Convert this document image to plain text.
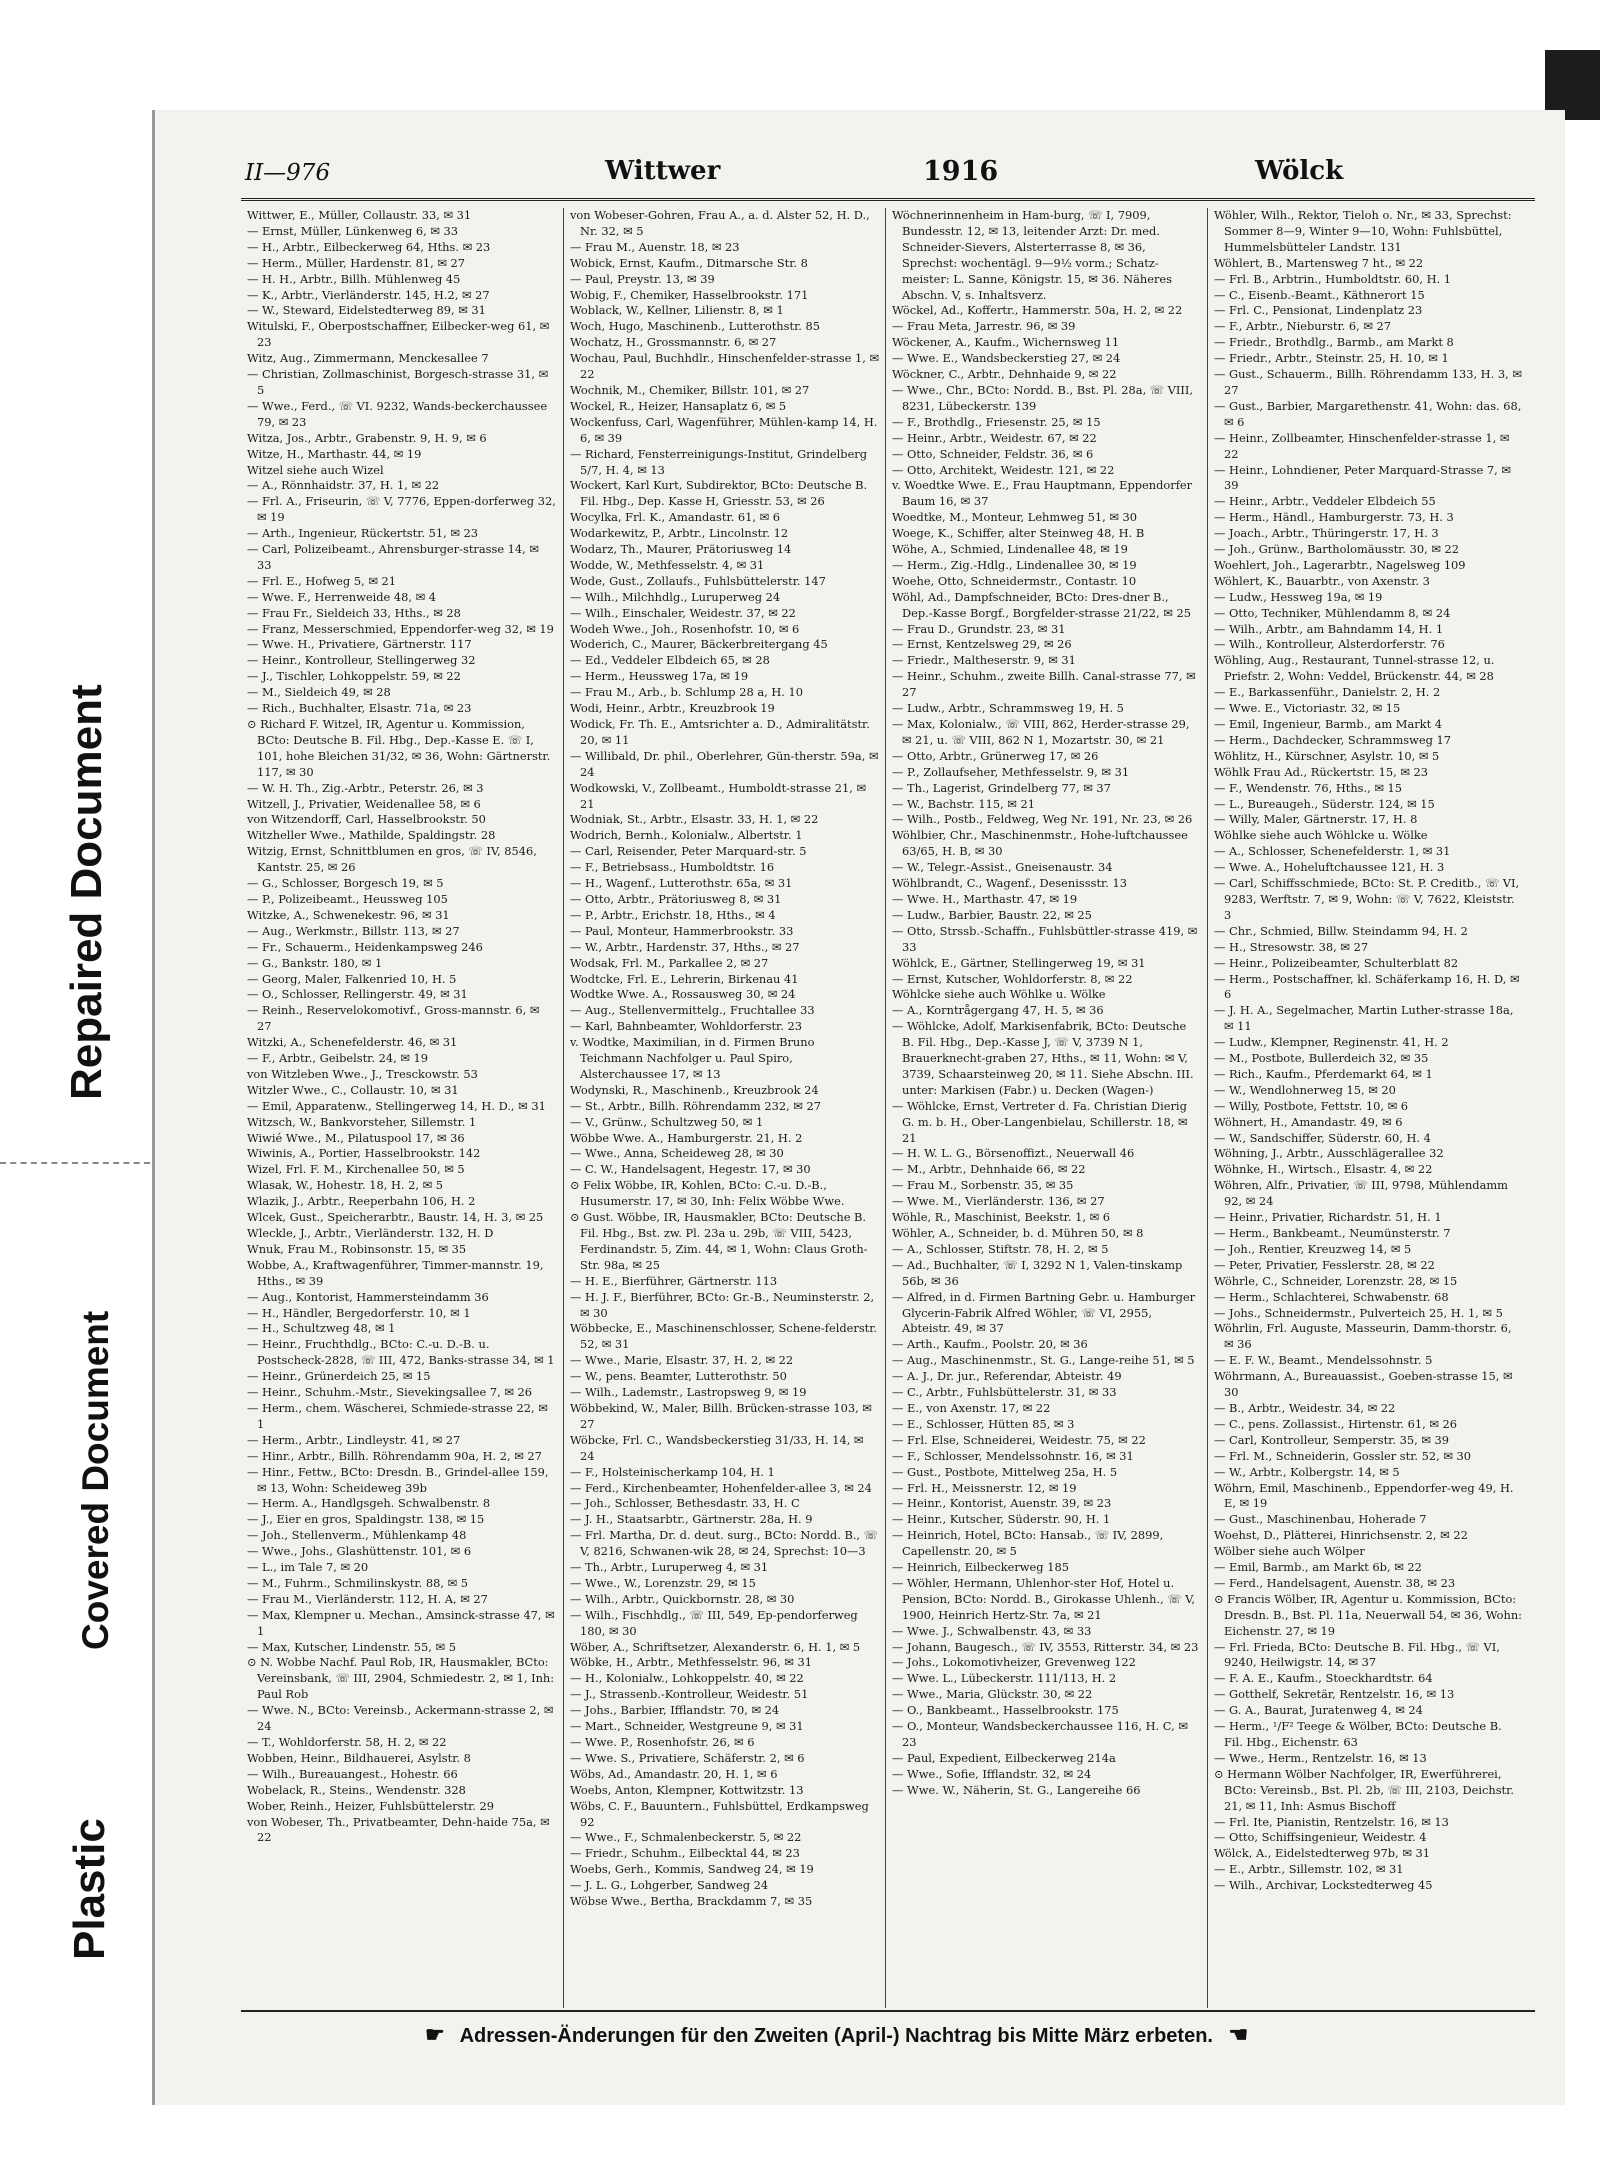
Repaired Document
Covered Document
Plastic
II—976	Wittwer	1916	Wölck

Wittwer, E., Müller, Collaustr. 33, ✉ 31

— Ernst, Müller, Lünkenweg 6, ✉ 33

— H., Arbtr., Eilbeckerweg 64, Hths. ✉ 23

— Herm., Müller, Hardenstr. 81, ✉ 27

— H. H., Arbtr., Billh. Mühlenweg 45

— K., Arbtr., Vierländerstr. 145, H.2, ✉ 27

— W., Steward, Eidelstedterweg 89, ✉ 31

Witulski, F., Oberpostschaffner, Eilbecker-weg 61, ✉ 23

Witz, Aug., Zimmermann, Menckesallee 7

— Christian, Zollmaschinist, Borgesch-strasse 31, ✉ 5

— Wwe., Ferd., ☏ VI. 9232, Wands-beckerchaussee 79, ✉ 23

Witza, Jos., Arbtr., Grabenstr. 9, H. 9, ✉ 6

Witze, H., Marthastr. 44, ✉ 19

Witzel siehe auch Wizel

— A., Rönnhaidstr. 37, H. 1, ✉ 22

— Frl. A., Friseurin, ☏ V, 7776, Eppen-dorferweg 32, ✉ 19

— Arth., Ingenieur, Rückertstr. 51, ✉ 23

— Carl, Polizeibeamt., Ahrensburger-strasse 14, ✉ 33

— Frl. E., Hofweg 5, ✉ 21

— Wwe. F., Herrenweide 48, ✉ 4

— Frau Fr., Sieldeich 33, Hths., ✉ 28

— Franz, Messerschmied, Eppendorfer-weg 32, ✉ 19

— Wwe. H., Privatiere, Gärtnerstr. 117

— Heinr., Kontrolleur, Stellingerweg 32

— J., Tischler, Lohkoppelstr. 59, ✉ 22

— M., Sieldeich 49, ✉ 28

— Rich., Buchhalter, Elsastr. 71a, ✉ 23

⊙ Richard F. Witzel, IR, Agentur u. Kommission, BCto: Deutsche B. Fil. Hbg., Dep.-Kasse E. ☏ I, 101, hohe Bleichen 31/32, ✉ 36, Wohn: Gärtnerstr. 117, ✉ 30

— W. H. Th., Zig.-Arbtr., Peterstr. 26, ✉ 3

Witzell, J., Privatier, Weidenallee 58, ✉ 6

von Witzendorff, Carl, Hasselbrookstr. 50

Witzheller Wwe., Mathilde, Spaldingstr. 28

Witzig, Ernst, Schnittblumen en gros, ☏ IV, 8546, Kantstr. 25, ✉ 26

— G., Schlosser, Borgesch 19, ✉ 5

— P., Polizeibeamt., Heussweg 105

Witzke, A., Schwenekestr. 96, ✉ 31

— Aug., Werkmstr., Billstr. 113, ✉ 27

— Fr., Schauerm., Heidenkampsweg 246

— G., Bankstr. 180, ✉ 1

— Georg, Maler, Falkenried 10, H. 5

— O., Schlosser, Rellingerstr. 49, ✉ 31

— Reinh., Reservelokomotivf., Gross-mannstr. 6, ✉ 27

Witzki, A., Schenefelderstr. 46, ✉ 31

— F., Arbtr., Geibelstr. 24, ✉ 19

von Witzleben Wwe., J., Tresckowstr. 53

Witzler Wwe., C., Collaustr. 10, ✉ 31

— Emil, Apparatenw., Stellingerweg 14, H. D., ✉ 31

Witzsch, W., Bankvorsteher, Sillemstr. 1

Wiwié Wwe., M., Pilatuspool 17, ✉ 36

Wiwinis, A., Portier, Hasselbrookstr. 142

Wizel, Frl. F. M., Kirchenallee 50, ✉ 5

Wlasak, W., Hohestr. 18, H. 2, ✉ 5

Wlazik, J., Arbtr., Reeperbahn 106, H. 2

Wlcek, Gust., Speicherarbtr., Baustr. 14, H. 3, ✉ 25

Wleckle, J., Arbtr., Vierländerstr. 132, H. D

Wnuk, Frau M., Robinsonstr. 15, ✉ 35

Wobbe, A., Kraftwagenführer, Timmer-mannstr. 19, Hths., ✉ 39

— Aug., Kontorist, Hammersteindamm 36

— H., Händler, Bergedorferstr. 10, ✉ 1

— H., Schultzweg 48, ✉ 1

— Heinr., Fruchthdlg., BCto: C.-u. D.-B. u. Postscheck-2828, ☏ III, 472, Banks-strasse 34, ✉ 1

— Heinr., Grünerdeich 25, ✉ 15

— Heinr., Schuhm.-Mstr., Sievekingsallee 7, ✉ 26

— Herm., chem. Wäscherei, Schmiede-strasse 22, ✉ 1

— Herm., Arbtr., Lindleystr. 41, ✉ 27

— Hinr., Arbtr., Billh. Röhrendamm 90a, H. 2, ✉ 27

— Hinr., Fettw., BCto: Dresdn. B., Grindel-allee 159, ✉ 13, Wohn: Scheideweg 39b

— Herm. A., Handlgsgeh. Schwalbenstr. 8

— J., Eier en gros, Spaldingstr. 138, ✉ 15

— Joh., Stellenverm., Mühlenkamp 48

— Wwe., Johs., Glashüttenstr. 101, ✉ 6

— L., im Tale 7, ✉ 20

— M., Fuhrm., Schmilinskystr. 88, ✉ 5

— Frau M., Vierländerstr. 112, H. A, ✉ 27

— Max, Klempner u. Mechan., Amsinck-strasse 47, ✉ 1

— Max, Kutscher, Lindenstr. 55, ✉ 5

⊙ N. Wobbe Nachf. Paul Rob, IR, Hausmakler, BCto: Vereinsbank, ☏ III, 2904, Schmiedestr. 2, ✉ 1, Inh: Paul Rob

— Wwe. N., BCto: Vereinsb., Ackermann-strasse 2, ✉ 24

— T., Wohldorferstr. 58, H. 2, ✉ 22

Wobben, Heinr., Bildhauerei, Asylstr. 8

— Wilh., Bureauangest., Hohestr. 66

Wobelack, R., Steins., Wendenstr. 328

Wober, Reinh., Heizer, Fuhlsbüttelerstr. 29

von Wobeser, Th., Privatbeamter, Dehn-haide 75a, ✉ 22

von Wobeser-Gohren, Frau A., a. d. Alster 52, H. D., Nr. 32, ✉ 5

— Frau M., Auenstr. 18, ✉ 23

Wobick, Ernst, Kaufm., Ditmarsche Str. 8

— Paul, Preystr. 13, ✉ 39

Wobig, F., Chemiker, Hasselbrookstr. 171

Woblack, W., Kellner, Lilienstr. 8, ✉ 1

Woch, Hugo, Maschinenb., Lutterothstr. 85

Wochatz, H., Grossmannstr. 6, ✉ 27

Wochau, Paul, Buchhdlr., Hinschenfelder-strasse 1, ✉ 22

Wochnik, M., Chemiker, Billstr. 101, ✉ 27

Wockel, R., Heizer, Hansaplatz 6, ✉ 5

Wockenfuss, Carl, Wagenführer, Mühlen-kamp 14, H. 6, ✉ 39

— Richard, Fensterreinigungs-Institut, Grindelberg 5/7, H. 4, ✉ 13

Wockert, Karl Kurt, Subdirektor, BCto: Deutsche B. Fil. Hbg., Dep. Kasse H, Griesstr. 53, ✉ 26

Wocylka, Frl. K., Amandastr. 61, ✉ 6

Wodarkewitz, P., Arbtr., Lincolnstr. 12

Wodarz, Th., Maurer, Prätoriusweg 14

Wodde, W., Methfesselstr. 4, ✉ 31

Wode, Gust., Zollaufs., Fuhlsbüttelerstr. 147

— Wilh., Milchhdlg., Luruperweg 24

— Wilh., Einschaler, Weidestr. 37, ✉ 22

Wodeh Wwe., Joh., Rosenhofstr. 10, ✉ 6

Woderich, C., Maurer, Bäckerbreitergang 45

— Ed., Veddeler Elbdeich 65, ✉ 28

— Herm., Heussweg 17a, ✉ 19

— Frau M., Arb., b. Schlump 28 a, H. 10

Wodi, Heinr., Arbtr., Kreuzbrook 19

Wodick, Fr. Th. E., Amtsrichter a. D., Admiralitätstr. 20, ✉ 11

— Willibald, Dr. phil., Oberlehrer, Gün-therstr. 59a, ✉ 24

Wodkowski, V., Zollbeamt., Humboldt-strasse 21, ✉ 21

Wodniak, St., Arbtr., Elsastr. 33, H. 1, ✉ 22

Wodrich, Bernh., Kolonialw., Albertstr. 1

— Carl, Reisender, Peter Marquard-str. 5

— F., Betriebsass., Humboldtstr. 16

— H., Wagenf., Lutterothstr. 65a, ✉ 31

— Otto, Arbtr., Prätoriusweg 8, ✉ 31

— P., Arbtr., Erichstr. 18, Hths., ✉ 4

— Paul, Monteur, Hammerbrookstr. 33

— W., Arbtr., Hardenstr. 37, Hths., ✉ 27

Wodsak, Frl. M., Parkallee 2, ✉ 27

Wodtcke, Frl. E., Lehrerin, Birkenau 41

Wodtke Wwe. A., Rossausweg 30, ✉ 24

— Aug., Stellenvermittelg., Fruchtallee 33

— Karl, Bahnbeamter, Wohldorferstr. 23

v. Wodtke, Maximilian, in d. Firmen Bruno Teichmann Nachfolger u. Paul Spiro, Alsterchaussee 17, ✉ 13

Wodynski, R., Maschinenb., Kreuzbrook 24

— St., Arbtr., Billh. Röhrendamm 232, ✉ 27

— V., Grünw., Schultzweg 50, ✉ 1

Wöbbe Wwe. A., Hamburgerstr. 21, H. 2

— Wwe., Anna, Scheideweg 28, ✉ 30

— C. W., Handelsagent, Hegestr. 17, ✉ 30

⊙ Felix Wöbbe, IR, Kohlen, BCto: C.-u. D.-B., Husumerstr. 17, ✉ 30, Inh: Felix Wöbbe Wwe.

⊙ Gust. Wöbbe, IR, Hausmakler, BCto: Deutsche B. Fil. Hbg., Bst. zw. Pl. 23a u. 29b, ☏ VIII, 5423, Ferdinandstr. 5, Zim. 44, ✉ 1, Wohn: Claus Groth-Str. 98a, ✉ 25

— H. E., Bierführer, Gärtnerstr. 113

— H. J. F., Bierführer, BCto: Gr.-B., Neuminsterstr. 2, ✉ 30

Wöbbecke, E., Maschinenschlosser, Schene-felderstr. 52, ✉ 31

— Wwe., Marie, Elsastr. 37, H. 2, ✉ 22

— W., pens. Beamter, Lutterothstr. 50

— Wilh., Lademstr., Lastropsweg 9, ✉ 19

Wöbbekind, W., Maler, Billh. Brücken-strasse 103, ✉ 27

Wöbcke, Frl. C., Wandsbeckerstieg 31/33, H. 14, ✉ 24

— F., Holsteinischerkamp 104, H. 1

— Ferd., Kirchenbeamter, Hohenfelder-allee 3, ✉ 24

— Joh., Schlosser, Bethesdastr. 33, H. C

— J. H., Staatsarbtr., Gärtnerstr. 28a, H. 9

— Frl. Martha, Dr. d. deut. surg., BCto: Nordd. B., ☏ V, 8216, Schwanen-wik 28, ✉ 24, Sprechst: 10—3

— Th., Arbtr., Luruperweg 4, ✉ 31

— Wwe., W., Lorenzstr. 29, ✉ 15

— Wilh., Arbtr., Quickbornstr. 28, ✉ 30

— Wilh., Fischhdlg., ☏ III, 549, Ep-pendorferweg 180, ✉ 30

Wöber, A., Schriftsetzer, Alexanderstr. 6, H. 1, ✉ 5

Wöbke, H., Arbtr., Methfesselstr. 96, ✉ 31

— H., Kolonialw., Lohkoppelstr. 40, ✉ 22

— J., Strassenb.-Kontrolleur, Weidestr. 51

— Johs., Barbier, Ifflandstr. 70, ✉ 24

— Mart., Schneider, Westgreune 9, ✉ 31

— Wwe. P., Rosenhofstr. 26, ✉ 6

— Wwe. S., Privatiere, Schäferstr. 2, ✉ 6

Wöbs, Ad., Amandastr. 20, H. 1, ✉ 6

Woebs, Anton, Klempner, Kottwitzstr. 13

Wöbs, C. F., Bauuntern., Fuhlsbüttel, Erdkampsweg 92

— Wwe., F., Schmalenbeckerstr. 5, ✉ 22

— Friedr., Schuhm., Eilbecktal 44, ✉ 23

Woebs, Gerh., Kommis, Sandweg 24, ✉ 19

— J. L. G., Lohgerber, Sandweg 24

Wöbse Wwe., Bertha, Brackdamm 7, ✉ 35

Wöchnerinnenheim in Ham-burg, ☏ I, 7909, Bundesstr. 12, ✉ 13, leitender Arzt: Dr. med. Schneider-Sievers, Alsterterrasse 8, ✉ 36, Sprechst: wochentägl. 9—9½ vorm.; Schatz-meister: L. Sanne, Königstr. 15, ✉ 36. Näheres Abschn. V, s. Inhaltsverz.

Wöckel, Ad., Koffertr., Hammerstr. 50a, H. 2, ✉ 22

— Frau Meta, Jarrestr. 96, ✉ 39

Wöckener, A., Kaufm., Wichernsweg 11

— Wwe. E., Wandsbeckerstieg 27, ✉ 24

Wöckner, C., Arbtr., Dehnhaide 9, ✉ 22

— Wwe., Chr., BCto: Nordd. B., Bst. Pl. 28a, ☏ VIII, 8231, Lübeckerstr. 139

— F., Brothdlg., Friesenstr. 25, ✉ 15

— Heinr., Arbtr., Weidestr. 67, ✉ 22

— Otto, Schneider, Feldstr. 36, ✉ 6

— Otto, Architekt, Weidestr. 121, ✉ 22

v. Woedtke Wwe. E., Frau Hauptmann, Eppendorfer Baum 16, ✉ 37

Woedtke, M., Monteur, Lehmweg 51, ✉ 30

Woege, K., Schiffer, alter Steinweg 48, H. B

Wöhe, A., Schmied, Lindenallee 48, ✉ 19

— Herm., Zig.-Hdlg., Lindenallee 30, ✉ 19

Woehe, Otto, Schneidermstr., Contastr. 10

Wöhl, Ad., Dampfschneider, BCto: Dres-dner B., Dep.-Kasse Borgf., Borgfelder-strasse 21/22, ✉ 25

— Frau D., Grundstr. 23, ✉ 31

— Ernst, Kentzelsweg 29, ✉ 26

— Friedr., Maltheserstr. 9, ✉ 31

— Heinr., Schuhm., zweite Billh. Canal-strasse 77, ✉ 27

— Ludw., Arbtr., Schrammsweg 19, H. 5

— Max, Kolonialw., ☏ VIII, 862, Herder-strasse 29, ✉ 21, u. ☏ VIII, 862 N 1, Mozartstr. 30, ✉ 21

— Otto, Arbtr., Grünerweg 17, ✉ 26

— P., Zollaufseher, Methfesselstr. 9, ✉ 31

— Th., Lagerist, Grindelberg 77, ✉ 37

— W., Bachstr. 115, ✉ 21

— Wilh., Postb., Feldweg, Weg Nr. 191, Nr. 23, ✉ 26

Wöhlbier, Chr., Maschinenmstr., Hohe-luftchaussee 63/65, H. B, ✉ 30

— W., Telegr.-Assist., Gneisenaustr. 34

Wöhlbrandt, C., Wagenf., Desenissstr. 13

— Wwe. H., Marthastr. 47, ✉ 19

— Ludw., Barbier, Baustr. 22, ✉ 25

— Otto, Strssb.-Schaffn., Fuhlsbüttler-strasse 419, ✉ 33

Wöhlck, E., Gärtner, Stellingerweg 19, ✉ 31

— Ernst, Kutscher, Wohldorferstr. 8, ✉ 22

Wöhlcke siehe auch Wöhlke u. Wölke

— A., Korntrågergang 47, H. 5, ✉ 36

— Wöhlcke, Adolf, Markisenfabrik, BCto: Deutsche B. Fil. Hbg., Dep.-Kasse J, ☏ V, 3739 N 1, Brauerknecht-graben 27, Hths., ✉ 11, Wohn: ✉ V, 3739, Schaarsteinweg 20, ✉ 11. Siehe Abschn. III. unter: Markisen (Fabr.) u. Decken (Wagen-)

— Wöhlcke, Ernst, Vertreter d. Fa. Christian Dierig G. m. b. H., Ober-Langenbielau, Schillerstr. 18, ✉ 21

— H. W. L. G., Börsenoffizt., Neuerwall 46

— M., Arbtr., Dehnhaide 66, ✉ 22

— Frau M., Sorbenstr. 35, ✉ 35

— Wwe. M., Vierländerstr. 136, ✉ 27

Wöhle, R., Maschinist, Beekstr. 1, ✉ 6

Wöhler, A., Schneider, b. d. Mühren 50, ✉ 8

— A., Schlosser, Stiftstr. 78, H. 2, ✉ 5

— Ad., Buchhalter, ☏ I, 3292 N 1, Valen-tinskamp 56b, ✉ 36

— Alfred, in d. Firmen Bartning Gebr. u. Hamburger Glycerin-Fabrik Alfred Wöhler, ☏ VI, 2955, Abteistr. 49, ✉ 37

— Arth., Kaufm., Poolstr. 20, ✉ 36

— Aug., Maschinenmstr., St. G., Lange-reihe 51, ✉ 5

— A. J., Dr. jur., Referendar, Abteistr. 49

— C., Arbtr., Fuhlsbüttelerstr. 31, ✉ 33

— E., von Axenstr. 17, ✉ 22

— E., Schlosser, Hütten 85, ✉ 3

— Frl. Else, Schneiderei, Weidestr. 75, ✉ 22

— F., Schlosser, Mendelssohnstr. 16, ✉ 31

— Gust., Postbote, Mittelweg 25a, H. 5

— Frl. H., Meissnerstr. 12, ✉ 19

— Heinr., Kontorist, Auenstr. 39, ✉ 23

— Heinr., Kutscher, Süderstr. 90, H. 1

— Heinrich, Hotel, BCto: Hansab., ☏ IV, 2899, Capellenstr. 20, ✉ 5

— Heinrich, Eilbeckerweg 185

— Wöhler, Hermann, Uhlenhor-ster Hof, Hotel u. Pension, BCto: Nordd. B., Girokasse Uhlenh., ☏ V, 1900, Heinrich Hertz-Str. 7a, ✉ 21

— Wwe. J., Schwalbenstr. 43, ✉ 33

— Johann, Baugesch., ☏ IV, 3553, Ritterstr. 34, ✉ 23

— Johs., Lokomotivheizer, Grevenweg 122

— Wwe. L., Lübeckerstr. 111/113, H. 2

— Wwe., Maria, Glückstr. 30, ✉ 22

— O., Bankbeamt., Hasselbrookstr. 175

— O., Monteur, Wandsbeckerchaussee 116, H. C, ✉ 23

— Paul, Expedient, Eilbeckerweg 214a

— Wwe., Sofie, Ifflandstr. 32, ✉ 24

— Wwe. W., Näherin, St. G., Langereihe 66

Wöhler, Wilh., Rektor, Tieloh o. Nr., ✉ 33, Sprechst: Sommer 8—9, Winter 9—10, Wohn: Fuhlsbüttel, Hummelsbütteler Landstr. 131

Wöhlert, B., Martensweg 7 ht., ✉ 22

— Frl. B., Arbtrin., Humboldtstr. 60, H. 1

— C., Eisenb.-Beamt., Käthnerort 15

— Frl. C., Pensionat, Lindenplatz 23

— F., Arbtr., Nieburstr. 6, ✉ 27

— Friedr., Brothdlg., Barmb., am Markt 8

— Friedr., Arbtr., Steinstr. 25, H. 10, ✉ 1

— Gust., Schauerm., Billh. Röhrendamm 133, H. 3, ✉ 27

— Gust., Barbier, Margarethenstr. 41, Wohn: das. 68, ✉ 6

— Heinr., Zollbeamter, Hinschenfelder-strasse 1, ✉ 22

— Heinr., Lohndiener, Peter Marquard-Strasse 7, ✉ 39

— Heinr., Arbtr., Veddeler Elbdeich 55

— Herm., Händl., Hamburgerstr. 73, H. 3

— Joach., Arbtr., Thüringerstr. 17, H. 3

— Joh., Grünw., Bartholomäusstr. 30, ✉ 22

Woehlert, Joh., Lagerarbtr., Nagelsweg 109

Wöhlert, K., Bauarbtr., von Axenstr. 3

— Ludw., Hessweg 19a, ✉ 19

— Otto, Techniker, Mühlendamm 8, ✉ 24

— Wilh., Arbtr., am Bahndamm 14, H. 1

— Wilh., Kontrolleur, Alsterdorferstr. 76

Wöhling, Aug., Restaurant, Tunnel-strasse 12, u. Priefstr. 2, Wohn: Veddel, Brückenstr. 44, ✉ 28

— E., Barkassenführ., Danielstr. 2, H. 2

— Wwe. E., Victoriastr. 32, ✉ 15

— Emil, Ingenieur, Barmb., am Markt 4

— Herm., Dachdecker, Schrammsweg 17

Wöhlitz, H., Kürschner, Asylstr. 10, ✉ 5

Wöhlk Frau Ad., Rückertstr. 15, ✉ 23

— F., Wendenstr. 76, Hths., ✉ 15

— L., Bureaugeh., Süderstr. 124, ✉ 15

— Willy, Maler, Gärtnerstr. 17, H. 8

Wöhlke siehe auch Wöhlcke u. Wölke

— A., Schlosser, Schenefelderstr. 1, ✉ 31

— Wwe. A., Hoheluftchaussee 121, H. 3

— Carl, Schiffsschmiede, BCto: St. P. Creditb., ☏ VI, 9283, Werftstr. 7, ✉ 9, Wohn: ☏ V, 7622, Kleiststr. 3

— Chr., Schmied, Billw. Steindamm 94, H. 2

— H., Stresowstr. 38, ✉ 27

— Heinr., Polizeibeamter, Schulterblatt 82

— Herm., Postschaffner, kl. Schäferkamp 16, H. D, ✉ 6

— J. H. A., Segelmacher, Martin Luther-strasse 18a, ✉ 11

— Ludw., Klempner, Reginenstr. 41, H. 2

— M., Postbote, Bullerdeich 32, ✉ 35

— Rich., Kaufm., Pferdemarkt 64, ✉ 1

— W., Wendlohnerweg 15, ✉ 20

— Willy, Postbote, Fettstr. 10, ✉ 6

Wöhnert, H., Amandastr. 49, ✉ 6

— W., Sandschiffer, Süderstr. 60, H. 4

Wöhning, J., Arbtr., Ausschlägerallee 32

Wöhnke, H., Wirtsch., Elsastr. 4, ✉ 22

Wöhren, Alfr., Privatier, ☏ III, 9798, Mühlendamm 92, ✉ 24

— Heinr., Privatier, Richardstr. 51, H. 1

— Herm., Bankbeamt., Neumünsterstr. 7

— Joh., Rentier, Kreuzweg 14, ✉ 5

— Peter, Privatier, Fesslerstr. 28, ✉ 22

Wöhrle, C., Schneider, Lorenzstr. 28, ✉ 15

— Herm., Schlachterei, Schwabenstr. 68

— Johs., Schneidermstr., Pulverteich 25, H. 1, ✉ 5

Wöhrlin, Frl. Auguste, Masseurin, Damm-thorstr. 6, ✉ 36

— E. F. W., Beamt., Mendelssohnstr. 5

Wöhrmann, A., Bureauassist., Goeben-strasse 15, ✉ 30

— B., Arbtr., Weidestr. 34, ✉ 22

— C., pens. Zollassist., Hirtenstr. 61, ✉ 26

— Carl, Kontrolleur, Semperstr. 35, ✉ 39

— Frl. M., Schneiderin, Gossler str. 52, ✉ 30

— W., Arbtr., Kolbergstr. 14, ✉ 5

Wöhrn, Emil, Maschinenb., Eppendorfer-weg 49, H. E, ✉ 19

— Gust., Maschinenbau, Hoherade 7

Woehst, D., Plätterei, Hinrichsenstr. 2, ✉ 22

Wölber siehe auch Wölper

— Emil, Barmb., am Markt 6b, ✉ 22

— Ferd., Handelsagent, Auenstr. 38, ✉ 23

⊙ Francis Wölber, IR, Agentur u. Kommission, BCto: Dresdn. B., Bst. Pl. 11a, Neuerwall 54, ✉ 36, Wohn: Eichenstr. 27, ✉ 19

— Frl. Frieda, BCto: Deutsche B. Fil. Hbg., ☏ VI, 9240, Heilwigstr. 14, ✉ 37

— F. A. E., Kaufm., Stoeckhardtstr. 64

— Gotthelf, Sekretär, Rentzelstr. 16, ✉ 13

— G. A., Baurat, Juratenweg 4, ✉ 24

— Herm., ¹/F² Teege & Wölber, BCto: Deutsche B. Fil. Hbg., Eichenstr. 63

— Wwe., Herm., Rentzelstr. 16, ✉ 13

⊙ Hermann Wölber Nachfolger, IR, Ewerführerei, BCto: Vereinsb., Bst. Pl. 2b, ☏ III, 2103, Deichstr. 21, ✉ 11, Inh: Asmus Bischoff

— Frl. Ite, Pianistin, Rentzelstr. 16, ✉ 13

— Otto, Schiffsingenieur, Weidestr. 4

Wölck, A., Eidelstedterweg 97b, ✉ 31

— E., Arbtr., Sillemstr. 102, ✉ 31

— Wilh., Archivar, Lockstedterweg 45

☛ Adressen-Änderungen für den Zweiten (April-) Nachtrag bis Mitte März erbeten. ☚
